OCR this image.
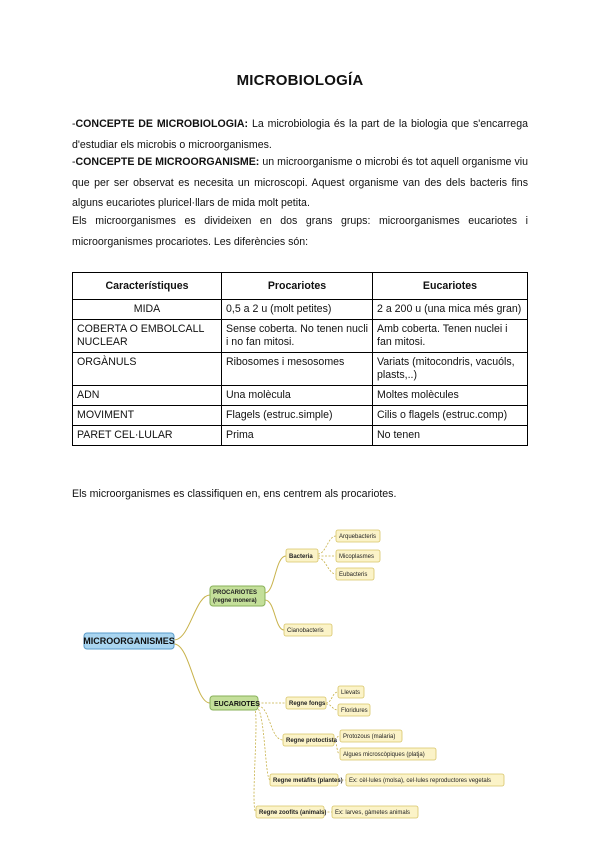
MICROBIOLOGÍA
-CONCEPTE DE MICROBIOLOGIA: La microbiologia és la part de la biologia que s'encarrega d'estudiar els microbis o microorganismes.
-CONCEPTE DE MICROORGANISME: un microorganisme o microbi és tot aquell organisme viu que per ser observat es necesita un microscopi. Aquest organisme van des dels bacteris fins alguns eucariotes pluricel·llars de mida molt petita.
Els microorganismes es divideixen en dos grans grups: microorganismes eucariotes i microorganismes procariotes. Les diferències són:
Característiques	Procariotes	Eucariotes
MIDA	0,5 a 2 u (molt petites)	2 a 200 u (una mica més gran)
COBERTA O EMBOLCALL NUCLEAR	Sense coberta. No tenen nucli i no fan mitosi.	Amb coberta. Tenen nuclei i fan mitosi.
ORGÀNULS	Ribosomes i mesosomes	Variats (mitocondris, vacuóls, plasts,..)
ADN	Una molècula	Moltes molècules
MOVIMENT	Flagels (estruc.simple)	Cilis o flagels (estruc.comp)
PARET CEL·LULAR	Prima	No tenen
Els microorganismes es classifiquen en, ens centrem als procariotes.
MICROORGANISMES
PROCARIOTES
(regne monera)
Bacteria
Arquebacteris
Micoplasmes
Eubacteris
Cianobacteris
EUCARIOTES	Regne fongs
Llevats
Floridures
Regne protoctista
Protozous (malaria)
Algues microscòpiques (platja)
Regne metàfits (plantes) Ex: cèl·lules (molsa), cel·lules reproductores vegetals
Regne zoofits (animals) Ex: larves, gàmetes animals
